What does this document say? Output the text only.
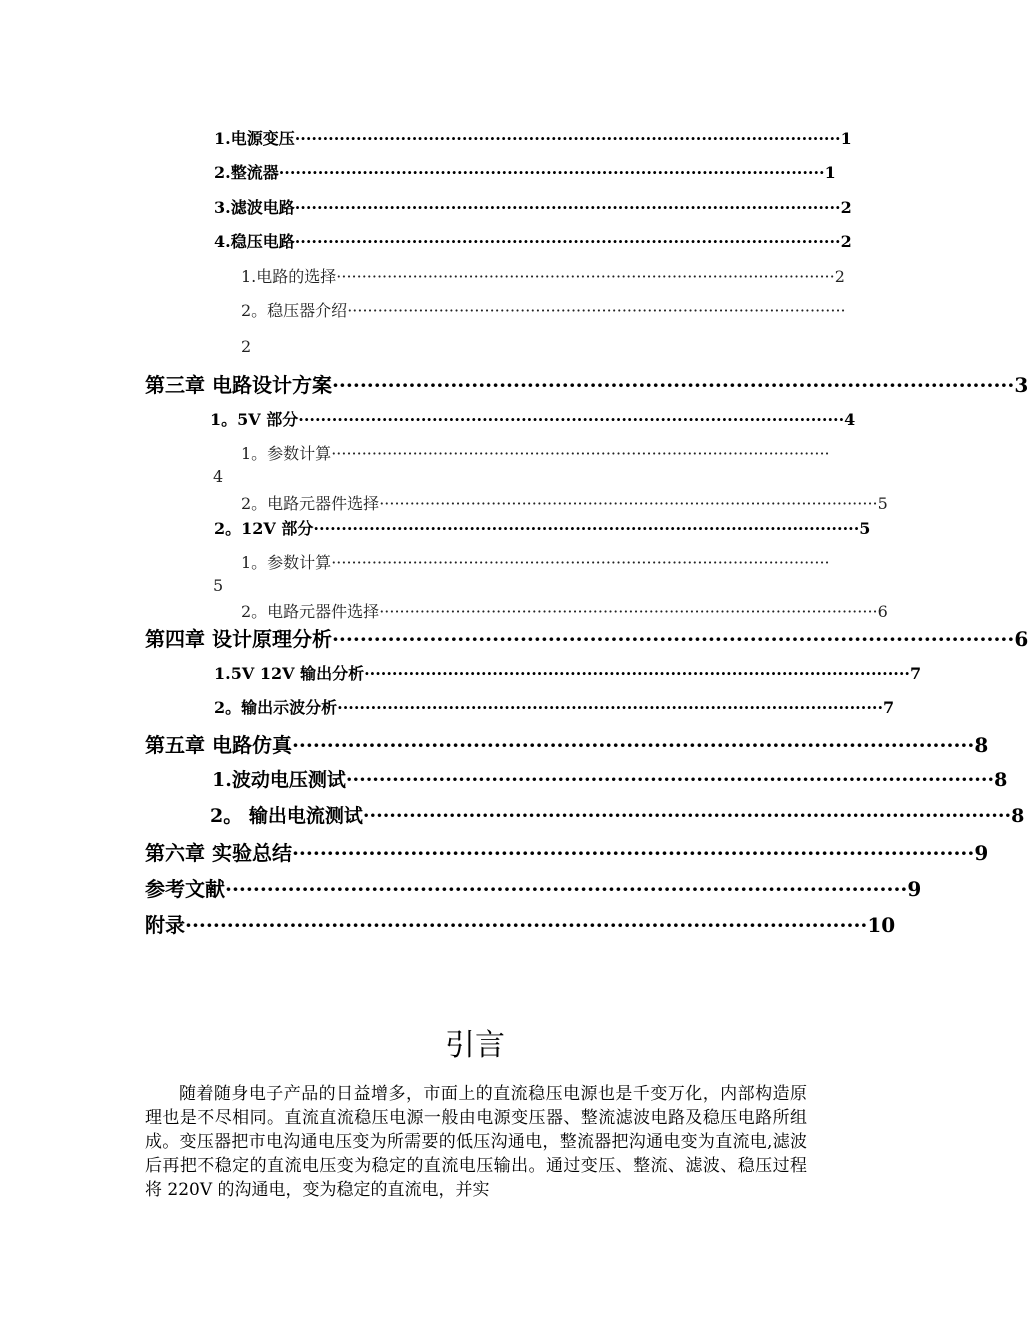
1.电源变压 ·································································································· 1
2.整流器 ·································································································· 1
3.滤波电路 ·································································································· 2
4.稳压电路 ·································································································· 2
1.电路的选择 ·································································································· 2
2。稳压器介绍 ··································································································
2
第三章 电路设计方案 ·································································································· 3
1。5V 部分 ·································································································· 4
1。参数计算 ··································································································
4
2。电路元器件选择 ·································································································· 5
2。12V 部分 ·································································································· 5
1。参数计算 ··································································································
5
2。电路元器件选择 ·································································································· 6
第四章 设计原理分析 ·································································································· 6
1.5V 12V 输出分析 ·································································································· 7
2。输出示波分析 ·································································································· 7
第五章 电路仿真 ·································································································· 8
1.波动电压测试 ·································································································· 8
2。 输出电流测试 ·································································································· 8
第六章 实验总结 ·································································································· 9
参考文献 ·································································································· 9
附录 ·································································································· 10
引言

随着随身电子产品的日益增多，市面上的直流稳压电源也是千变万化，内部构造原理也是不尽相同。直流直流稳压电源一般由电源变压器、整流滤波电路及稳压电路所组成。变压器把市电沟通电压变为所需要的低压沟通电，整流器把沟通电变为直流电,滤波后再把不稳定的直流电压变为稳定的直流电压输出。通过变压、整流、滤波、稳压过程将 220V 的沟通电，变为稳定的直流电，并实
